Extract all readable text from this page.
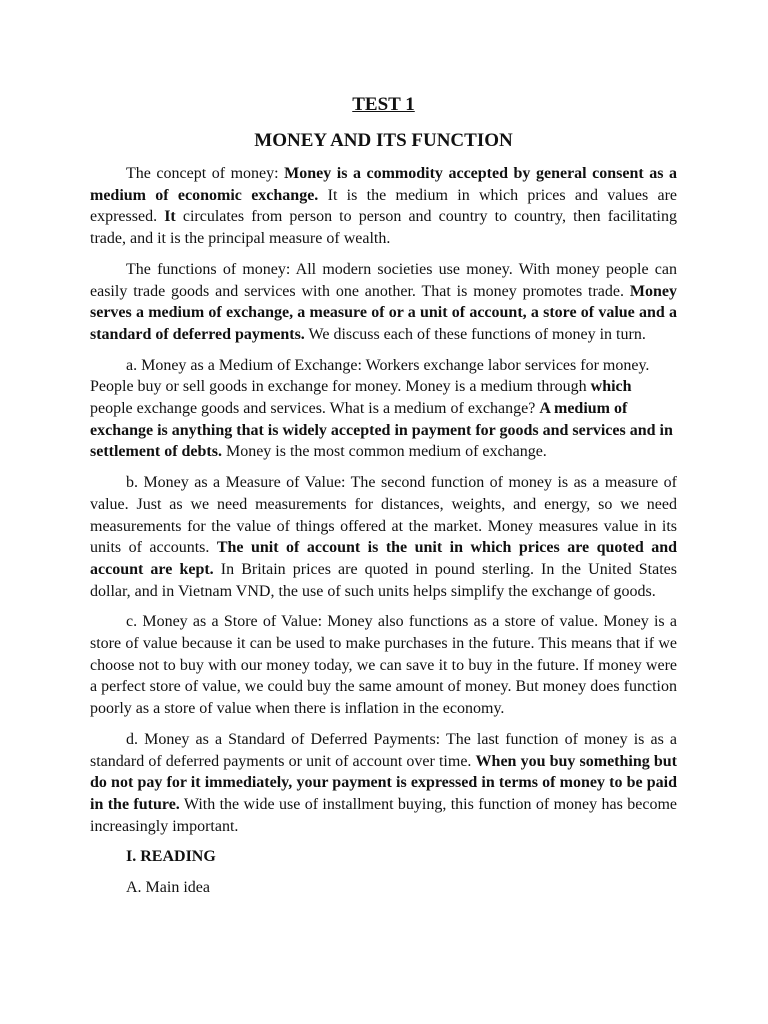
TEST 1
MONEY AND ITS FUNCTION

The concept of money: Money is a commodity accepted by general consent as a medium of economic exchange. It is the medium in which prices and values are expressed. It circulates from person to person and country to country, then facilitating trade, and it is the principal measure of wealth.

The functions of money: All modern societies use money. With money people can easily trade goods and services with one another. That is money promotes trade. Money serves a medium of exchange, a measure of or a unit of account, a store of value and a standard of deferred payments. We discuss each of these functions of money in turn.

a. Money as a Medium of Exchange: Workers exchange labor services for money. People buy or sell goods in exchange for money. Money is a medium through which people exchange goods and services. What is a medium of exchange? A medium of exchange is anything that is widely accepted in payment for goods and services and in settlement of debts. Money is the most common medium of exchange.

b. Money as a Measure of Value: The second function of money is as a measure of value. Just as we need measurements for distances, weights, and energy, so we need measurements for the value of things offered at the market. Money measures value in its units of accounts. The unit of account is the unit in which prices are quoted and account are kept. In Britain prices are quoted in pound sterling. In the United States dollar, and in Vietnam VND, the use of such units helps simplify the exchange of goods.

c. Money as a Store of Value: Money also functions as a store of value. Money is a store of value because it can be used to make purchases in the future. This means that if we choose not to buy with our money today, we can save it to buy in the future. If money were a perfect store of value, we could buy the same amount of money. But money does function poorly as a store of value when there is inflation in the economy.

d. Money as a Standard of Deferred Payments: The last function of money is as a standard of deferred payments or unit of account over time. When you buy something but do not pay for it immediately, your payment is expressed in terms of money to be paid in the future. With the wide use of installment buying, this function of money has become increasingly important.

I. READING

A. Main idea
